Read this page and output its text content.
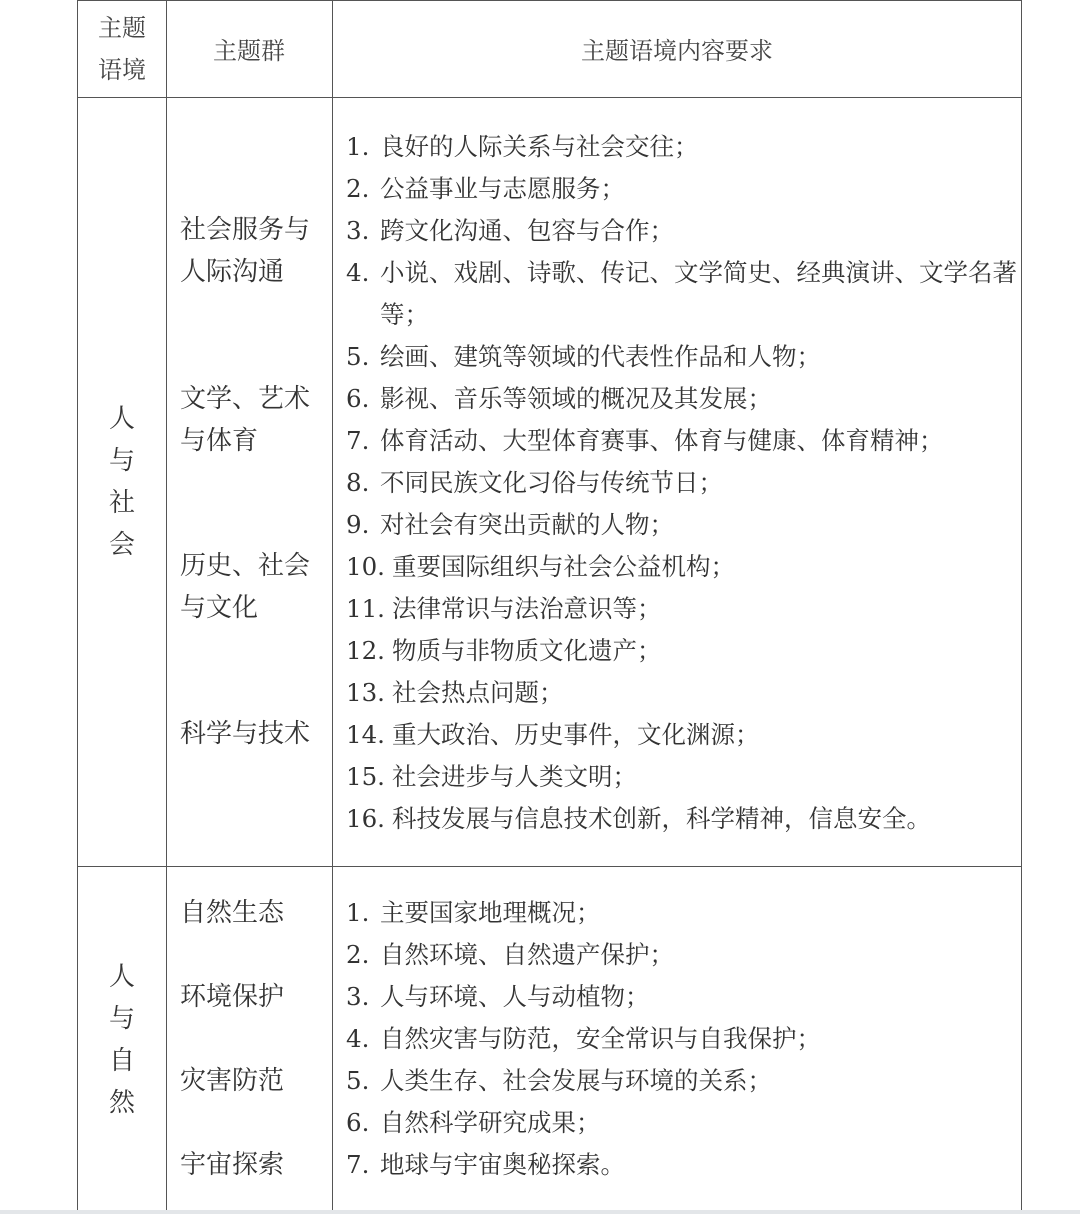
主题
语境
主题群	主题语境内容要求
人
与
社
会
社会服务与
人际沟通
文学、艺术
与体育
历史、社会
与文化
科学与技术
1. 良好的人际关系与社会交往；
2. 公益事业与志愿服务；
3. 跨文化沟通、包容与合作；
4. 小说、戏剧、诗歌、传记、文学简史、经典演讲、文学名著等；
5. 绘画、建筑等领域的代表性作品和人物；
6. 影视、音乐等领域的概况及其发展；
7. 体育活动、大型体育赛事、体育与健康、体育精神；
8. 不同民族文化习俗与传统节日；
9. 对社会有突出贡献的人物；
10. 重要国际组织与社会公益机构；
11. 法律常识与法治意识等；
12. 物质与非物质文化遗产；
13. 社会热点问题；
14. 重大政治、历史事件，文化渊源；
15. 社会进步与人类文明；
16. 科技发展与信息技术创新，科学精神，信息安全。
人
与
自
然
自然生态
环境保护
灾害防范
宇宙探索
1. 主要国家地理概况；
2. 自然环境、自然遗产保护；
3. 人与环境、人与动植物；
4. 自然灾害与防范，安全常识与自我保护；
5. 人类生存、社会发展与环境的关系；
6. 自然科学研究成果；
7. 地球与宇宙奥秘探索。
